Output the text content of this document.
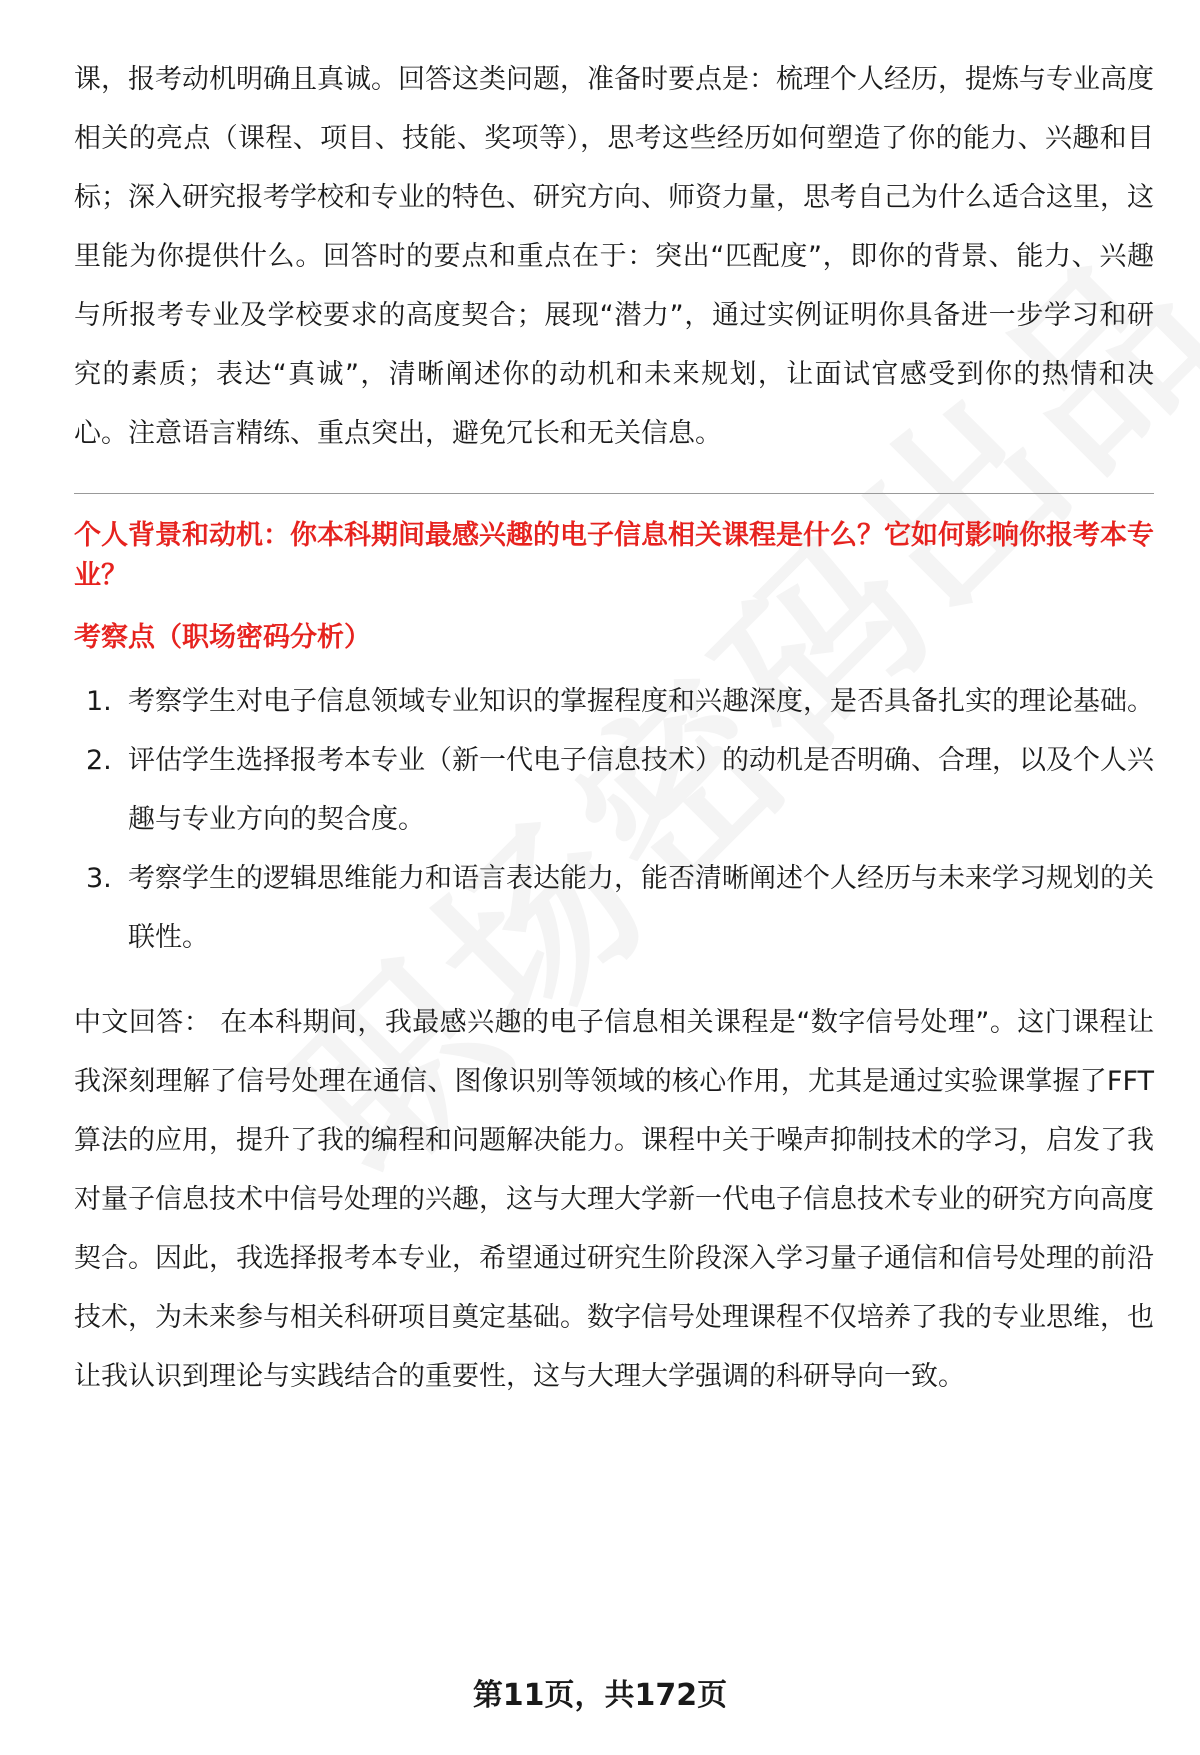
课，报考动机明确且真诚。回答这类问题，准备时要点是：梳理个人经历，提炼与专业高度相关的亮点（课程、项目、技能、奖项等），思考这些经历如何塑造了你的能力、兴趣和目标；深入研究报考学校和专业的特色、研究方向、师资力量，思考自己为什么适合这里，这里能为你提供什么。回答时的要点和重点在于：突出“匹配度”，即你的背景、能力、兴趣与所报考专业及学校要求的高度契合；展现“潜力”，通过实例证明你具备进一步学习和研究的素质；表达“真诚”，清晰阐述你的动机和未来规划，让面试官感受到你的热情和决心。注意语言精练、重点突出，避免冗长和无关信息。

个人背景和动机：你本科期间最感兴趣的电子信息相关课程是什么？它如何影响你报考本专业？

考察点（职场密码分析）

1. 考察学生对电子信息领域专业知识的掌握程度和兴趣深度，是否具备扎实的理论基础。
2. 评估学生选择报考本专业（新一代电子信息技术）的动机是否明确、合理，以及个人兴趣与专业方向的契合度。
3. 考察学生的逻辑思维能力和语言表达能力，能否清晰阐述个人经历与未来学习规划的关联性。

中文回答： 在本科期间，我最感兴趣的电子信息相关课程是“数字信号处理”。这门课程让我深刻理解了信号处理在通信、图像识别等领域的核心作用，尤其是通过实验课掌握了FFT算法的应用，提升了我的编程和问题解决能力。课程中关于噪声抑制技术的学习，启发了我对量子信息技术中信号处理的兴趣，这与大理大学新一代电子信息技术专业的研究方向高度契合。因此，我选择报考本专业，希望通过研究生阶段深入学习量子通信和信号处理的前沿技术，为未来参与相关科研项目奠定基础。数字信号处理课程不仅培养了我的专业思维，也让我认识到理论与实践结合的重要性，这与大理大学强调的科研导向一致。

第11页，共172页
